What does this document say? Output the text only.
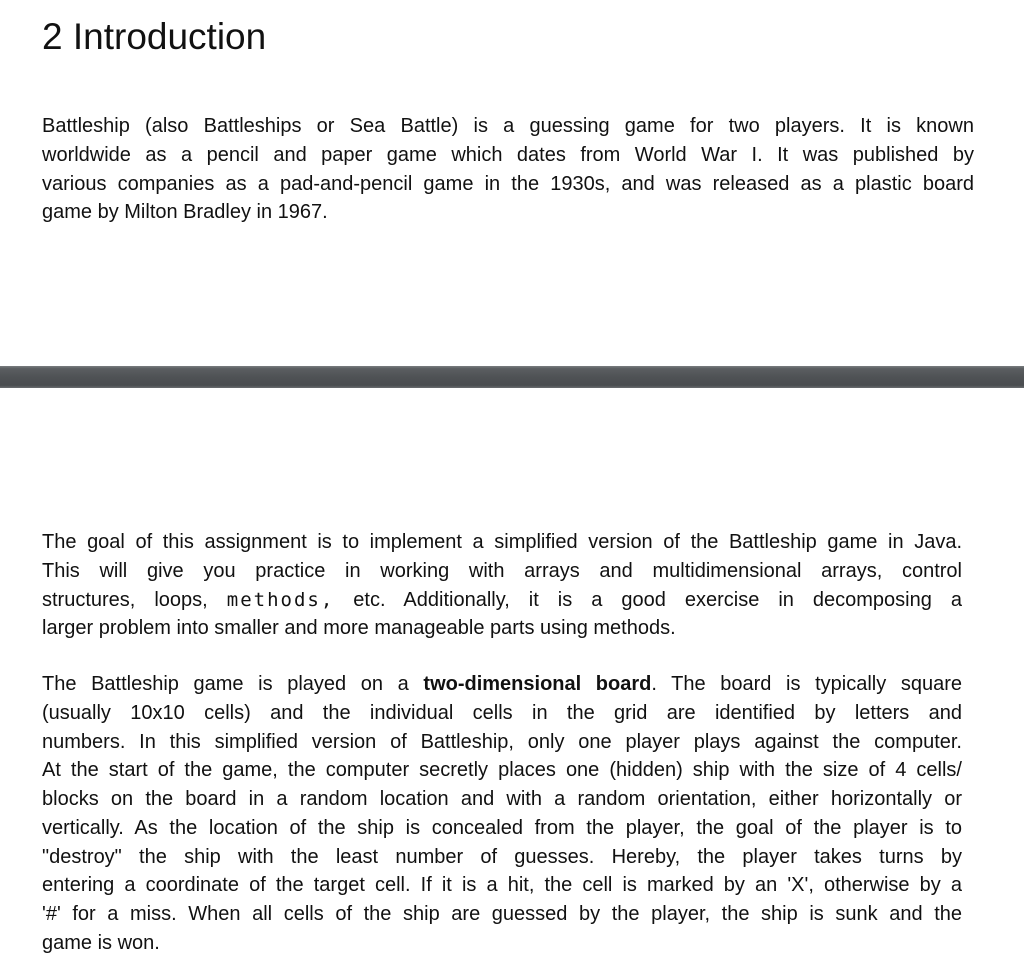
2 Introduction
Battleship (also Battleships or Sea Battle) is a guessing game for two players. It is known
worldwide as a pencil and paper game which dates from World War I. It was published by
various companies as a pad-and-pencil game in the 1930s, and was released as a plastic board
game by Milton Bradley in 1967.
The goal of this assignment is to implement a simplified version of the Battleship game in Java.
This will give you practice in working with arrays and multidimensional arrays, control
structures, loops, methods, etc. Additionally, it is a good exercise in decomposing a
larger problem into smaller and more manageable parts using methods.
The Battleship game is played on a two-dimensional board. The board is typically square
(usually 10x10 cells) and the individual cells in the grid are identified by letters and
numbers. In this simplified version of Battleship, only one player plays against the computer.
At the start of the game, the computer secretly places one (hidden) ship with the size of 4 cells/
blocks on the board in a random location and with a random orientation, either horizontally or
vertically. As the location of the ship is concealed from the player, the goal of the player is to
"destroy" the ship with the least number of guesses. Hereby, the player takes turns by
entering a coordinate of the target cell. If it is a hit, the cell is marked by an 'X', otherwise by a
'#' for a miss. When all cells of the ship are guessed by the player, the ship is sunk and the
game is won.
